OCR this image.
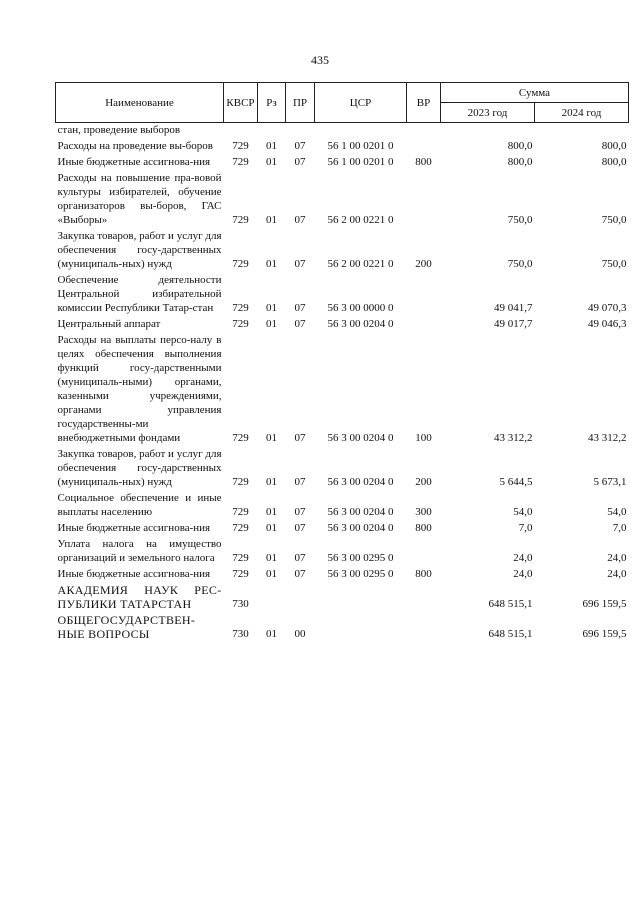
435
Наименование	КВСР	Рз	ПР	ЦСР	ВР	Сумма	
						2023 год	2024 год
стан, проведение выборов							
Расходы на проведение вы-боров	729	01	07	56 1 00 0201 0		800,0	800,0
Иные бюджетные ассигнова-ния	729	01	07	56 1 00 0201 0	800	800,0	800,0
Расходы на повышение пра-вовой культуры избирателей, обучение организаторов вы-боров, ГАС «Выборы»	729	01	07	56 2 00 0221 0		750,0	750,0
Закупка товаров, работ и услуг для обеспечения госу-дарственных (муниципаль-ных) нужд	729	01	07	56 2 00 0221 0	200	750,0	750,0
Обеспечение деятельности Центральной избирательной комиссии Республики Татар-стан	729	01	07	56 3 00 0000 0		49 041,7	49 070,3
Центральный аппарат	729	01	07	56 3 00 0204 0		49 017,7	49 046,3
Расходы на выплаты персо-налу в целях обеспечения выполнения функций госу-дарственными (муниципаль-ными) органами, казенными учреждениями, органами управления государственны-ми внебюджетными фондами	729	01	07	56 3 00 0204 0	100	43 312,2	43 312,2
Закупка товаров, работ и услуг для обеспечения госу-дарственных (муниципаль-ных) нужд	729	01	07	56 3 00 0204 0	200	5 644,5	5 673,1
Социальное обеспечение и иные выплаты населению	729	01	07	56 3 00 0204 0	300	54,0	54,0
Иные бюджетные ассигнова-ния	729	01	07	56 3 00 0204 0	800	7,0	7,0
Уплата налога на имущество организаций и земельного налога	729	01	07	56 3 00 0295 0		24,0	24,0
Иные бюджетные ассигнова-ния	729	01	07	56 3 00 0295 0	800	24,0	24,0
АКАДЕМИЯ НАУК РЕС-ПУБЛИКИ ТАТАРСТАН	730					648 515,1	696 159,5
ОБЩЕГОСУДАРСТВЕН-НЫЕ ВОПРОСЫ	730	01	00			648 515,1	696 159,5
